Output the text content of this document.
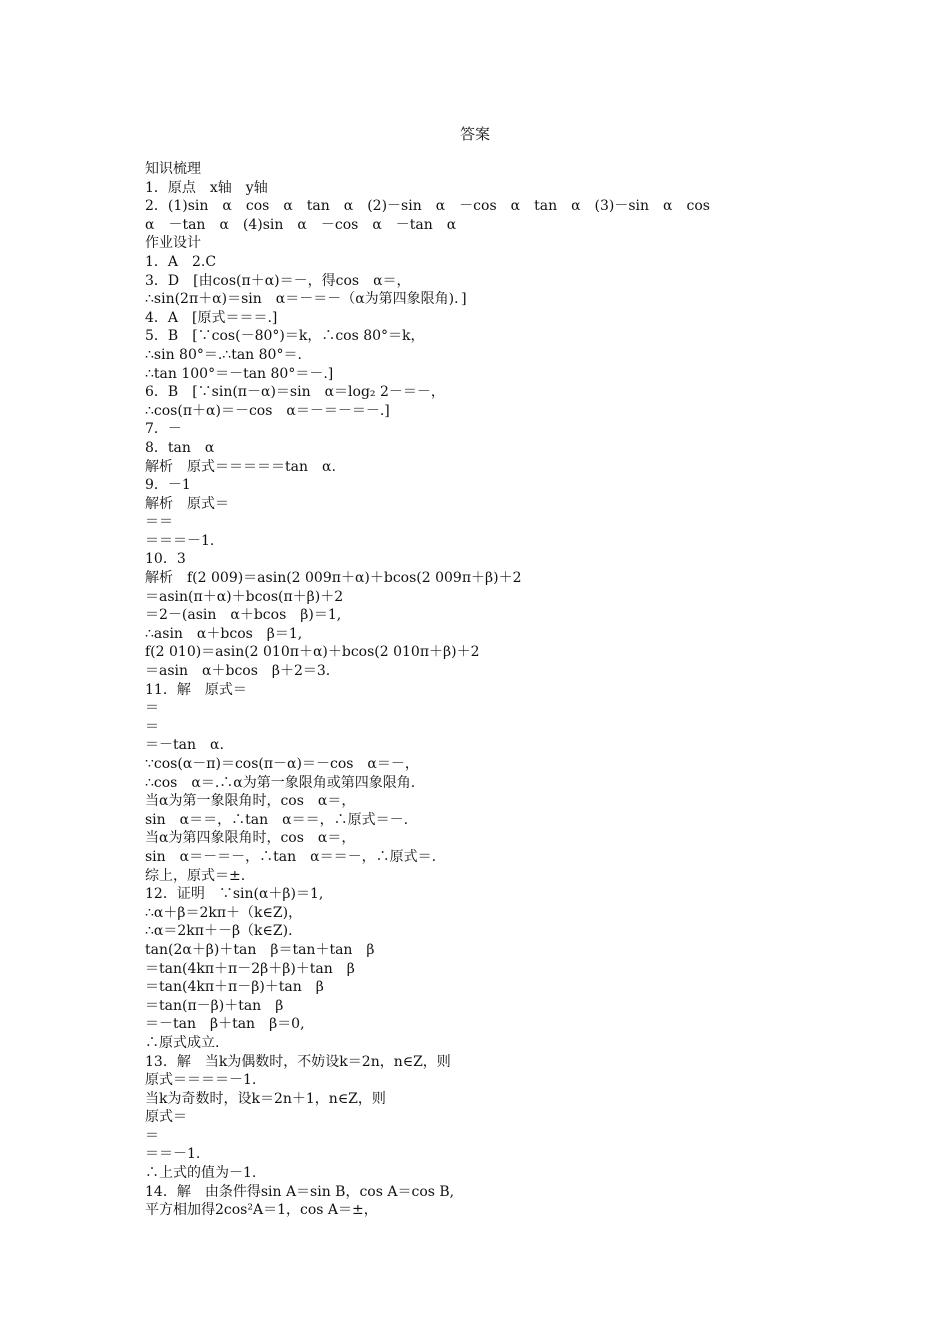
答案
知识梳理
1．原点　x轴　y轴
2．(1)sin　α　cos　α　tan　α　(2)－sin　α　－cos　α　tan　α　(3)－sin　α　cos
α　－tan　α　(4)sin　α　－cos　α　－tan　α
作业设计
1．A　2.C
3．D　[由cos(π＋α)＝－，得cos　α＝，
∴sin(2π＋α)＝sin　α＝－＝－（α为第四象限角)．]
4．A　[原式＝＝＝.]
5．B　[∵cos(－80°)＝k，∴cos 80°＝k，
∴sin 80°＝.∴tan 80°＝.
∴tan 100°＝－tan 80°＝－.]
6．B　[∵sin(π－α)＝sin　α＝log₂ 2－＝－，
∴cos(π＋α)＝－cos　α＝－＝－＝－.]
7．－
8．tan　α
解析　原式＝＝＝＝＝tan　α.
9．－1
解析　原式＝
＝＝
＝＝＝－1.
10．3
解析　f(2 009)＝asin(2 009π＋α)＋bcos(2 009π＋β)＋2
＝asin(π＋α)＋bcos(π＋β)＋2
＝2－(asin　α＋bcos　β)＝1,
∴asin　α＋bcos　β＝1,
f(2 010)＝asin(2 010π＋α)＋bcos(2 010π＋β)＋2
＝asin　α＋bcos　β＋2＝3.
11．解　原式＝
＝
＝
＝－tan　α.
∵cos(α－π)＝cos(π－α)＝－cos　α＝－，
∴cos　α＝.∴α为第一象限角或第四象限角.
当α为第一象限角时，cos　α＝，
sin　α＝＝，∴tan　α＝＝，∴原式＝－.
当α为第四象限角时，cos　α＝，
sin　α＝－＝－，∴tan　α＝＝－，∴原式＝.
综上，原式＝±.
12．证明　∵sin(α＋β)＝1,
∴α＋β＝2kπ＋（k∈Z)，
∴α＝2kπ＋－β（k∈Z)．
tan(2α＋β)＋tan　β＝tan＋tan　β
＝tan(4kπ＋π－2β＋β)＋tan　β
＝tan(4kπ＋π－β)＋tan　β
＝tan(π－β)＋tan　β
＝－tan　β＋tan　β＝0,
∴原式成立.
13．解　当k为偶数时，不妨设k＝2n，n∈Z，则
原式＝＝＝＝－1.
当k为奇数时，设k＝2n＋1，n∈Z，则
原式＝
＝
＝＝－1.
∴上式的值为－1.
14．解　由条件得sin A＝sin B，cos A＝cos B,
平方相加得2cos²A＝1，cos A＝±，
